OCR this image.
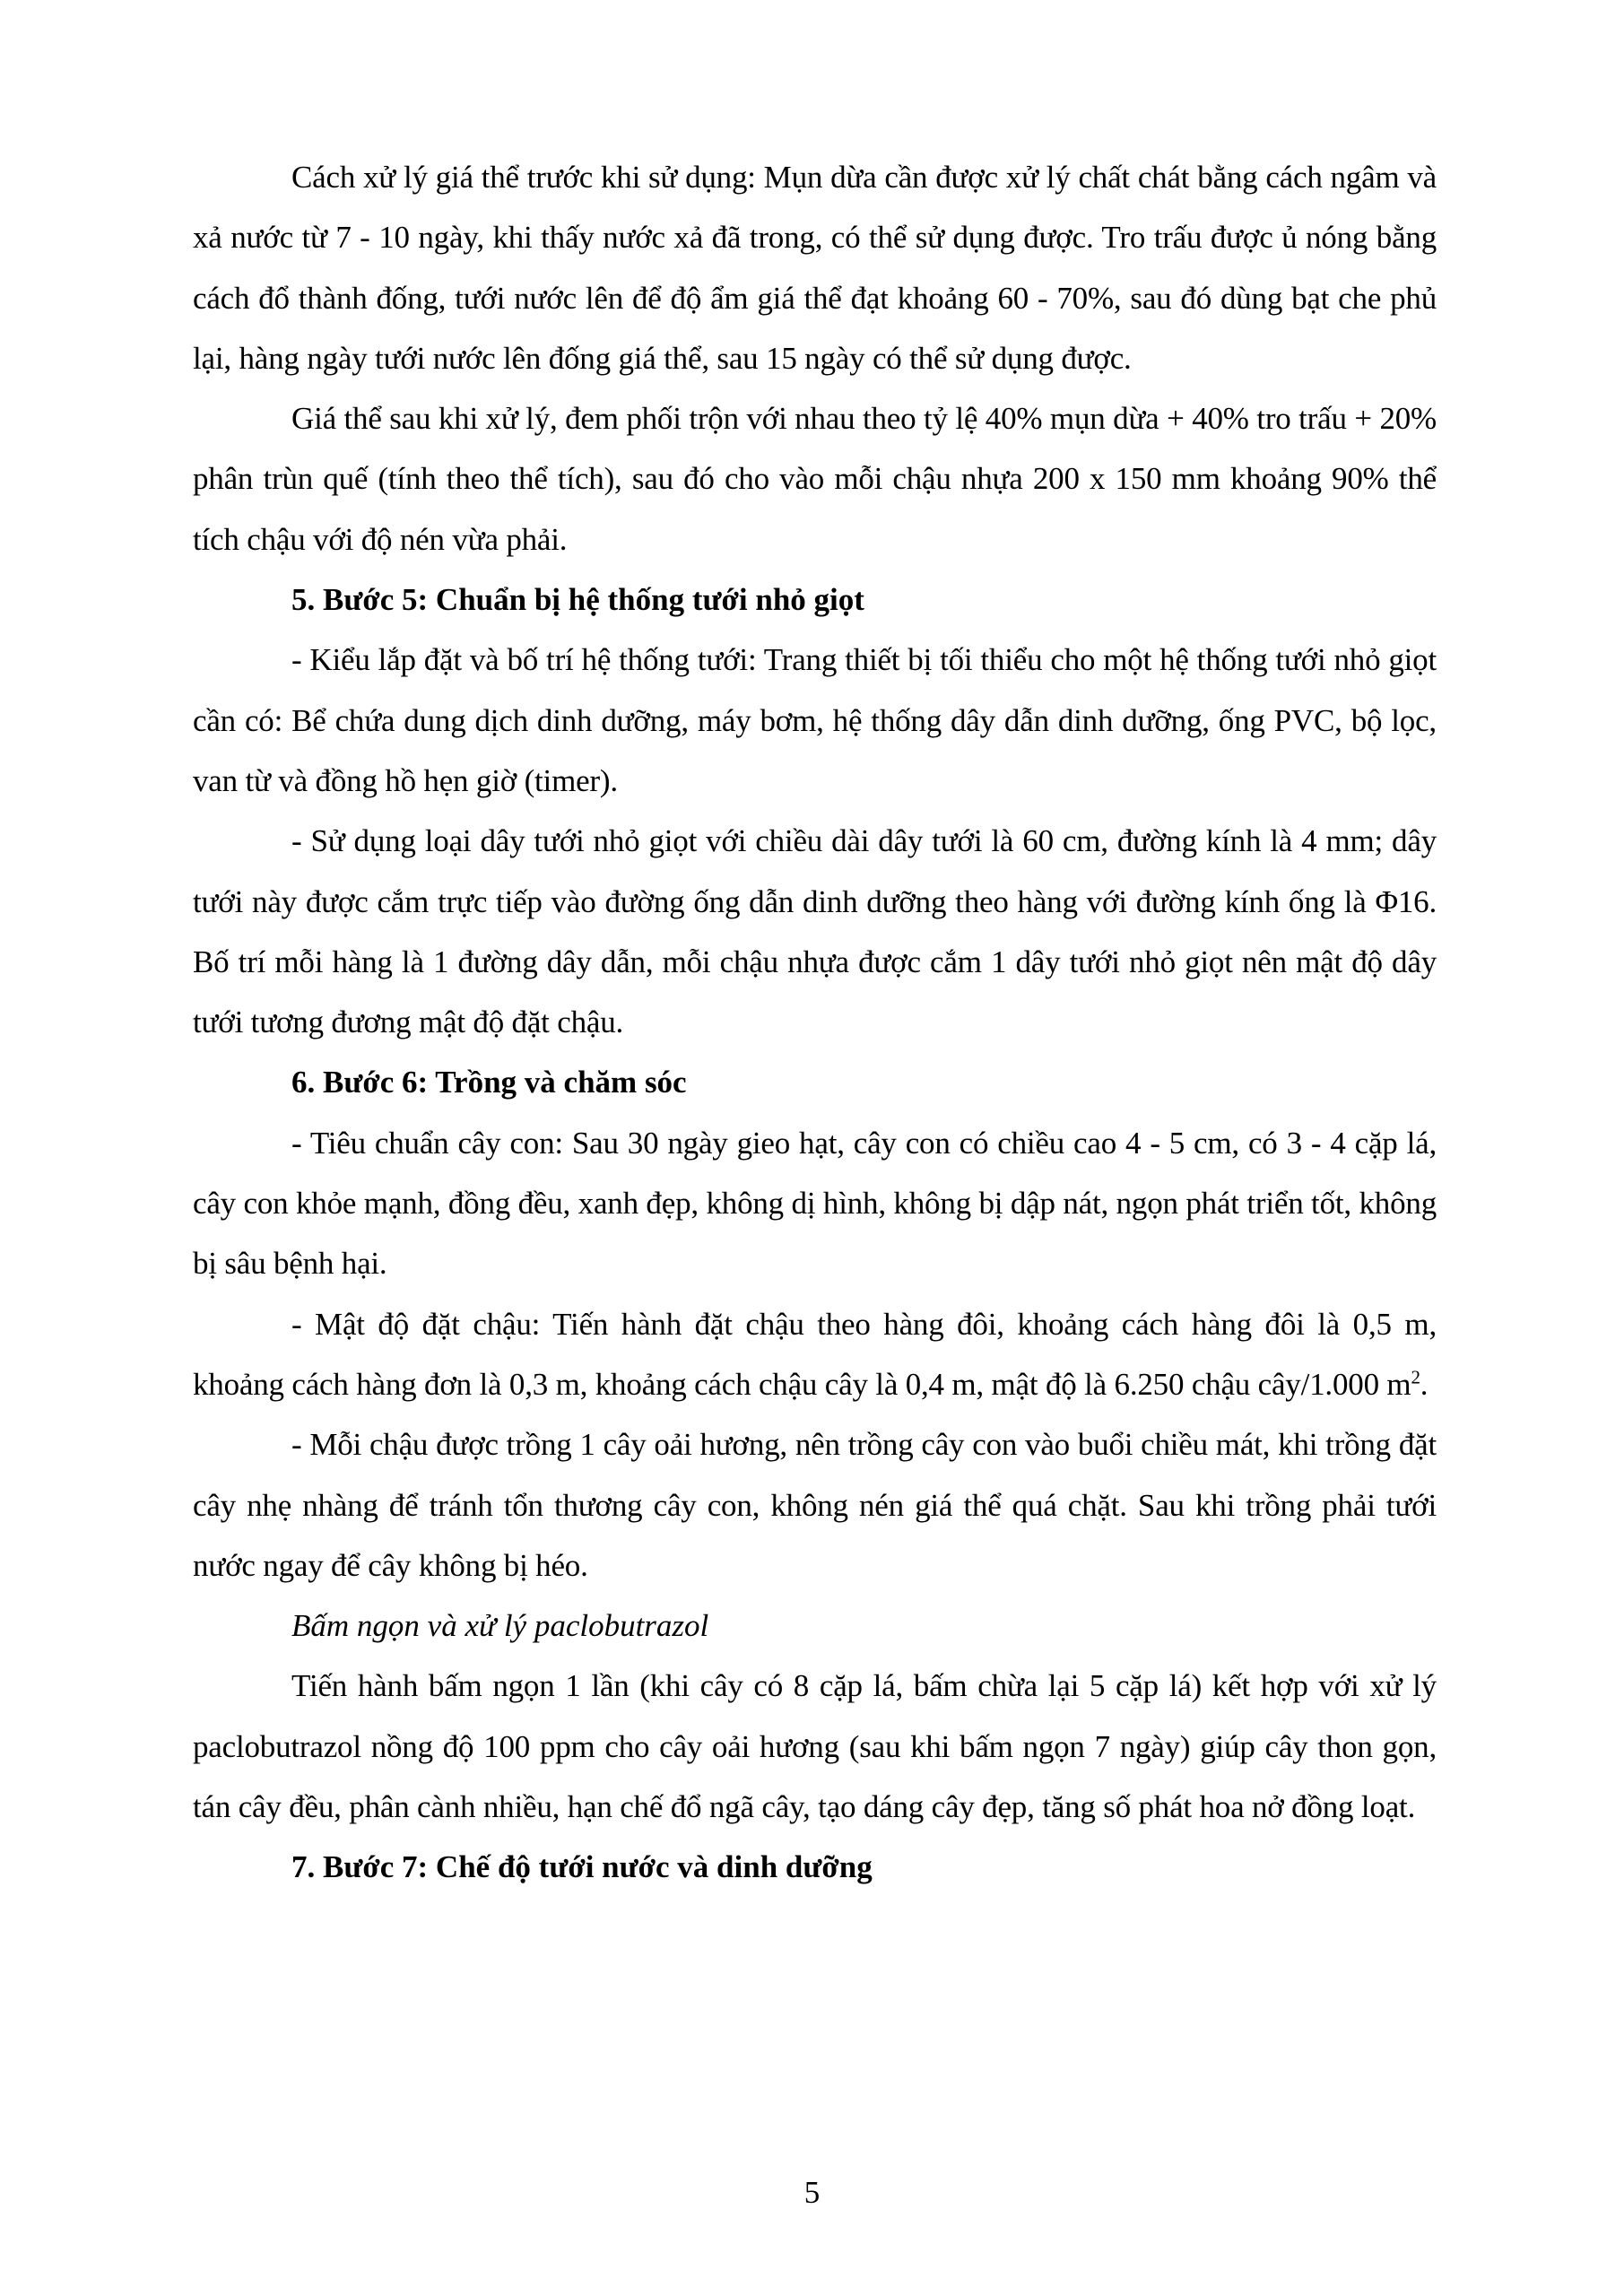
Cách xử lý giá thể trước khi sử dụng: Mụn dừa cần được xử lý chất chát bằng cách ngâm và xả nước từ 7 - 10 ngày, khi thấy nước xả đã trong, có thể sử dụng được. Tro trấu được ủ nóng bằng cách đổ thành đống, tưới nước lên để độ ẩm giá thể đạt khoảng 60 - 70%, sau đó dùng bạt che phủ lại, hàng ngày tưới nước lên đống giá thể, sau 15 ngày có thể sử dụng được.

Giá thể sau khi xử lý, đem phối trộn với nhau theo tỷ lệ 40% mụn dừa + 40% tro trấu + 20% phân trùn quế (tính theo thể tích), sau đó cho vào mỗi chậu nhựa 200 x 150 mm khoảng 90% thể tích chậu với độ nén vừa phải.

5. Bước 5: Chuẩn bị hệ thống tưới nhỏ giọt

- Kiểu lắp đặt và bố trí hệ thống tưới: Trang thiết bị tối thiểu cho một hệ thống tưới nhỏ giọt cần có: Bể chứa dung dịch dinh dưỡng, máy bơm, hệ thống dây dẫn dinh dưỡng, ống PVC, bộ lọc, van từ và đồng hồ hẹn giờ (timer).

- Sử dụng loại dây tưới nhỏ giọt với chiều dài dây tưới là 60 cm, đường kính là 4 mm; dây tưới này được cắm trực tiếp vào đường ống dẫn dinh dưỡng theo hàng với đường kính ống là Φ16. Bố trí mỗi hàng là 1 đường dây dẫn, mỗi chậu nhựa được cắm 1 dây tưới nhỏ giọt nên mật độ dây tưới tương đương mật độ đặt chậu.

6. Bước 6: Trồng và chăm sóc

- Tiêu chuẩn cây con: Sau 30 ngày gieo hạt, cây con có chiều cao 4 - 5 cm, có 3 - 4 cặp lá, cây con khỏe mạnh, đồng đều, xanh đẹp, không dị hình, không bị dập nát, ngọn phát triển tốt, không bị sâu bệnh hại.

- Mật độ đặt chậu: Tiến hành đặt chậu theo hàng đôi, khoảng cách hàng đôi là 0,5 m, khoảng cách hàng đơn là 0,3 m, khoảng cách chậu cây là 0,4 m, mật độ là 6.250 chậu cây/1.000 $m^2$.

- Mỗi chậu được trồng 1 cây oải hương, nên trồng cây con vào buổi chiều mát, khi trồng đặt cây nhẹ nhàng để tránh tổn thương cây con, không nén giá thể quá chặt. Sau khi trồng phải tưới nước ngay để cây không bị héo.

Bấm ngọn và xử lý paclobutrazol

Tiến hành bấm ngọn 1 lần (khi cây có 8 cặp lá, bấm chừa lại 5 cặp lá) kết hợp với xử lý paclobutrazol nồng độ 100 ppm cho cây oải hương (sau khi bấm ngọn 7 ngày) giúp cây thon gọn, tán cây đều, phân cành nhiều, hạn chế đổ ngã cây, tạo dáng cây đẹp, tăng số phát hoa nở đồng loạt.

7. Bước 7: Chế độ tưới nước và dinh dưỡng

5
